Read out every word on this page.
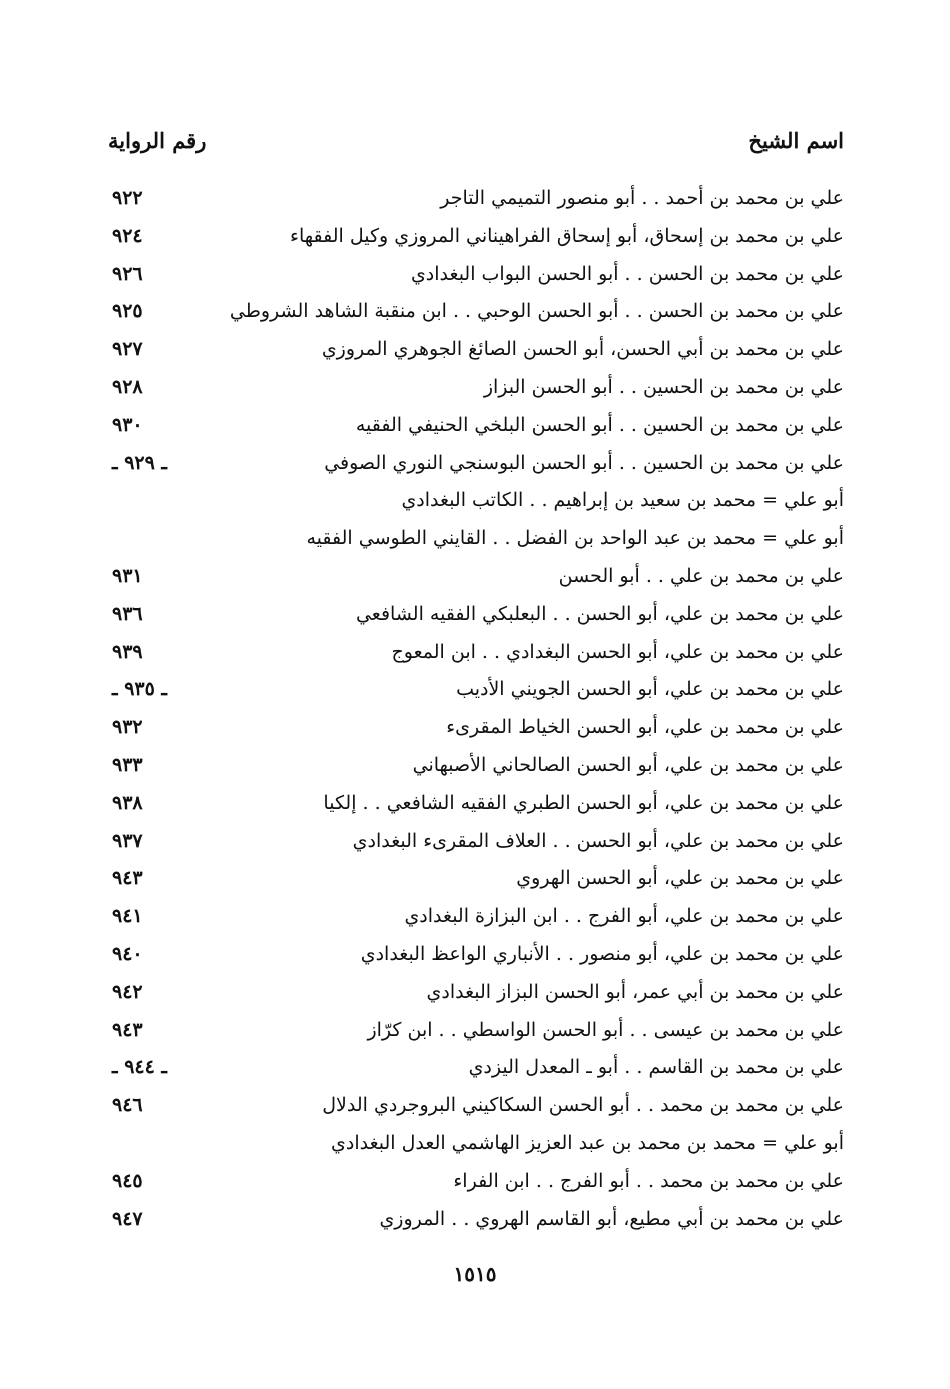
اسم الشيخ
رقم الرواية
علي بن محمد بن أحمد . . أبو منصور التميمي التاجر
٩٢٢
علي بن محمد بن إسحاق، أبو إسحاق الفراهيناني المروزي وكيل الفقهاء
٩٢٤
علي بن محمد بن الحسن . . أبو الحسن البواب البغدادي
٩٢٦
علي بن محمد بن الحسن . . أبو الحسن الوحبي . . ابن منقبة الشاهد الشروطي
٩٢٥
علي بن محمد بن أبي الحسن، أبو الحسن الصائغ الجوهري المروزي
٩٢٧
علي بن محمد بن الحسين . . أبو الحسن البزاز
٩٢٨
علي بن محمد بن الحسين . . أبو الحسن البلخي الحنيفي الفقيه
٩٣٠
علي بن محمد بن الحسين . . أبو الحسن البوسنجي النوري الصوفي
ـ ٩٢٩ ـ
أبو علي = محمد بن سعيد بن إبراهيم . . الكاتب البغدادي
أبو علي = محمد بن عبد الواحد بن الفضل . . القايني الطوسي الفقيه
علي بن محمد بن علي . . أبو الحسن
٩٣١
علي بن محمد بن علي، أبو الحسن . . البعلبكي الفقيه الشافعي
٩٣٦
علي بن محمد بن علي، أبو الحسن البغدادي . . ابن المعوج
٩٣٩
علي بن محمد بن علي، أبو الحسن الجويني الأديب
ـ ٩٣٥ ـ
علي بن محمد بن علي، أبو الحسن الخياط المقرىء
٩٣٢
علي بن محمد بن علي، أبو الحسن الصالحاني الأصبهاني
٩٣٣
علي بن محمد بن علي، أبو الحسن الطبري الفقيه الشافعي . . إلكيا
٩٣٨
علي بن محمد بن علي، أبو الحسن . . العلاف المقرىء البغدادي
٩٣٧
علي بن محمد بن علي، أبو الحسن الهروي
٩٤٣
علي بن محمد بن علي، أبو الفرج . . ابن البزازة البغدادي
٩٤١
علي بن محمد بن علي، أبو منصور . . الأنباري الواعظ البغدادي
٩٤٠
علي بن محمد بن أبي عمر، أبو الحسن البزاز البغدادي
٩٤٢
علي بن محمد بن عيسى . . أبو الحسن الواسطي . . ابن كرّاز
٩٤٣
علي بن محمد بن القاسم . . أبو ـ المعدل اليزدي
ـ ٩٤٤ ـ
علي بن محمد بن محمد . . أبو الحسن السكاكيني البروجردي الدلال
٩٤٦
أبو علي = محمد بن محمد بن عبد العزيز الهاشمي العدل البغدادي
علي بن محمد بن محمد . . أبو الفرج . . ابن الفراء
٩٤٥
علي بن محمد بن أبي مطيع، أبو القاسم الهروي . . المروزي
٩٤٧
١٥١٥
